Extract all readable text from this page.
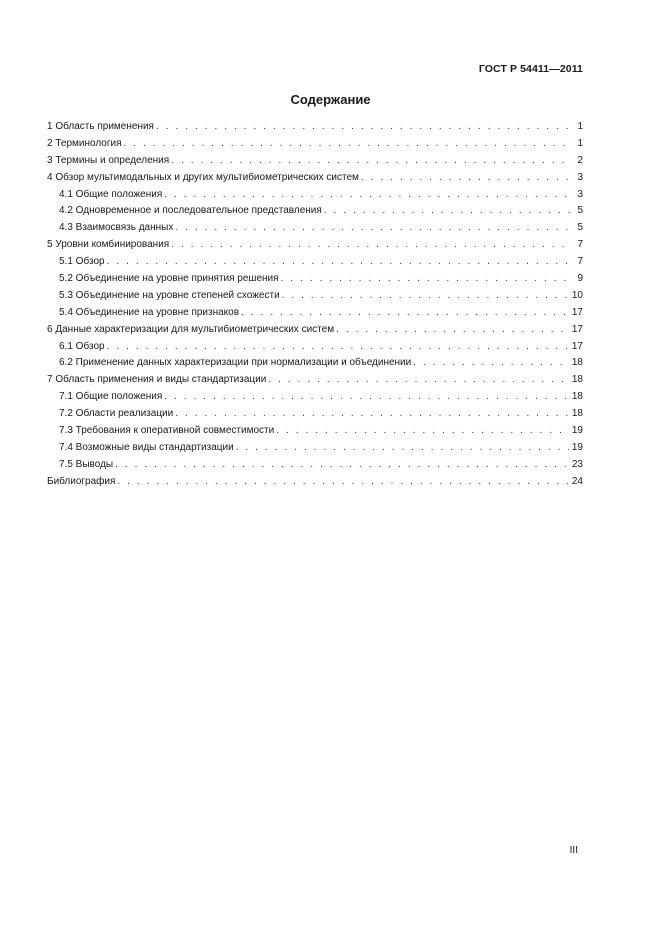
ГОСТ Р 54411—2011
Содержание
1 Область применения . . .	1
2 Терминология . . .	1
3 Термины и определения . . .	2
4 Обзор мультимодальных и других мультибиометрических систем . . .	3
4.1 Общие положения . . .	3
4.2 Одновременное и последовательное представления . . .	5
4.3 Взаимосвязь данных . . .	5
5 Уровни комбинирования . . .	7
5.1 Обзор . . .	7
5.2 Объединение на уровне принятия решения . . .	9
5.3 Объединение на уровне степеней схожести . . .	10
5.4 Объединение на уровне признаков . . .	17
6 Данные характеризации для мультибиометрических систем . . .	17
6.1 Обзор . . .	17
6.2 Применение данных характеризации при нормализации и объединении . . .	18
7 Область применения и виды стандартизации . . .	18
7.1 Общие положения . . .	18
7.2 Области реализации . . .	18
7.3 Требования к оперативной совместимости . . .	19
7.4 Возможные виды стандартизации . . .	19
7.5 Выводы . . .	23
Библиография . . .	24
III
